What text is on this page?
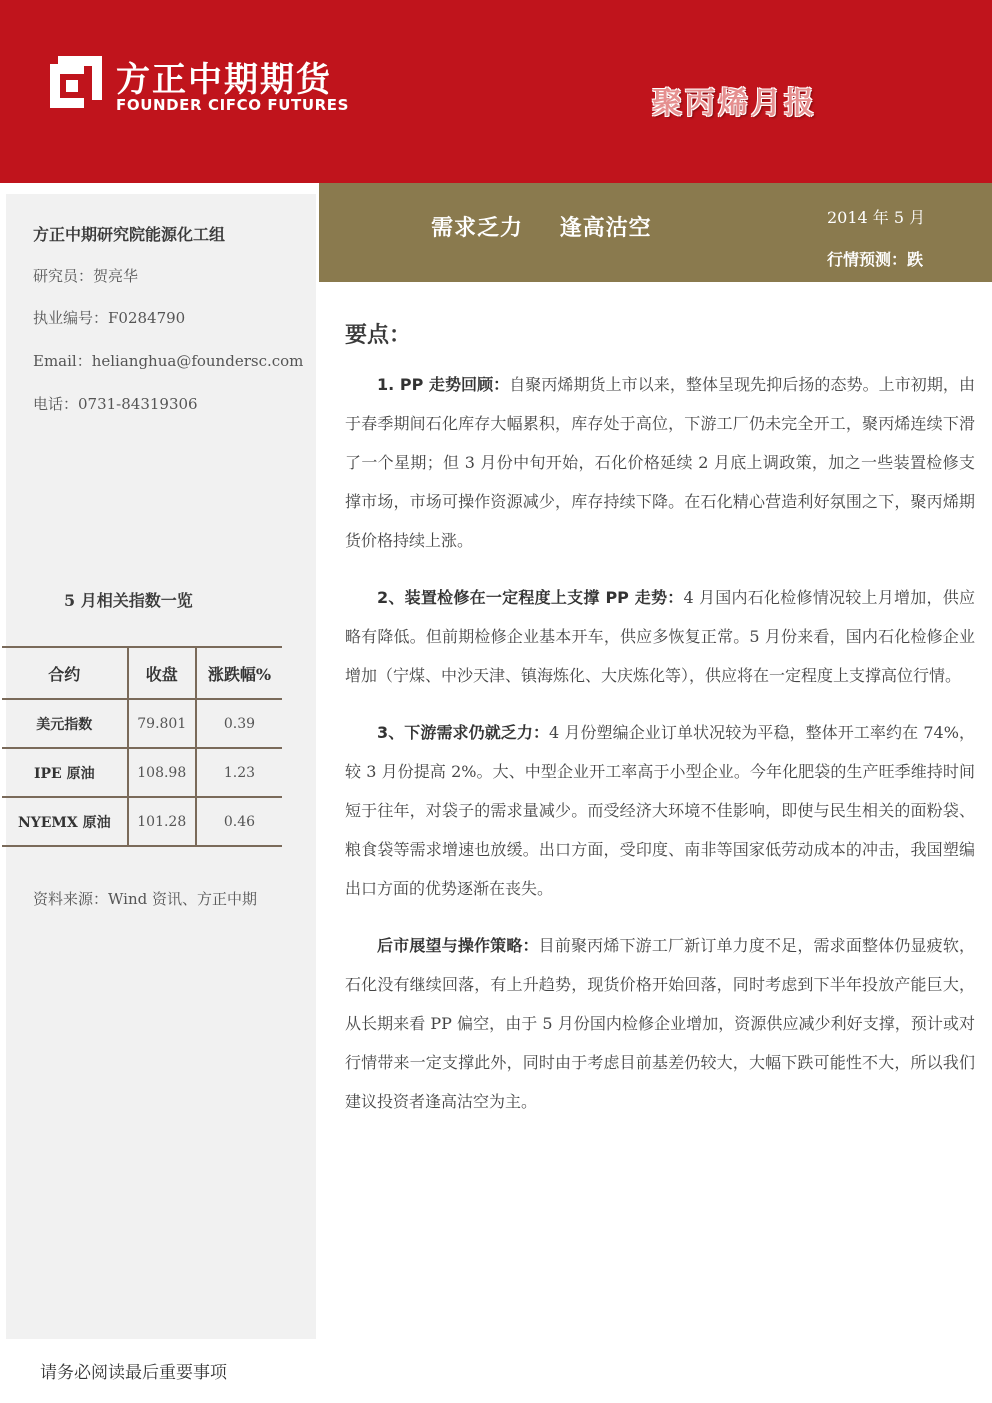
方正中期期货
FOUNDER CIFCO FUTURES	聚丙烯月报
需求乏力 逢高沽空	2014 年 5 月
行情预测：跌
方正中期研究院能源化工组
研究员：贺亮华
执业编号：F0284790
Email：helianghua@foundersc.com
电话：0731-84319306
5 月相关指数一览
合约	收盘	涨跌幅%
美元指数	79.801	0.39
IPE 原油	108.98	1.23
NYEMX 原油	101.28	0.46
资料来源：Wind 资讯、方正中期
要点：

1. PP 走势回顾：自聚丙烯期货上市以来，整体呈现先抑后扬的态势。上市初期，由于春季期间石化库存大幅累积，库存处于高位，下游工厂仍未完全开工，聚丙烯连续下滑了一个星期；但 3 月份中旬开始，石化价格延续 2 月底上调政策，加之一些装置检修支撑市场，市场可操作资源减少，库存持续下降。在石化精心营造利好氛围之下，聚丙烯期货价格持续上涨。

2、装置检修在一定程度上支撑 PP 走势：4 月国内石化检修情况较上月增加，供应略有降低。但前期检修企业基本开车，供应多恢复正常。5 月份来看，国内石化检修企业增加（宁煤、中沙天津、镇海炼化、大庆炼化等），供应将在一定程度上支撑高位行情。

3、下游需求仍就乏力：4 月份塑编企业订单状况较为平稳，整体开工率约在 74%，较 3 月份提高 2%。大、中型企业开工率高于小型企业。今年化肥袋的生产旺季维持时间短于往年，对袋子的需求量减少。而受经济大环境不佳影响，即使与民生相关的面粉袋、粮食袋等需求增速也放缓。出口方面，受印度、南非等国家低劳动成本的冲击，我国塑编出口方面的优势逐渐在丧失。

后市展望与操作策略：目前聚丙烯下游工厂新订单力度不足，需求面整体仍显疲软，石化没有继续回落，有上升趋势，现货价格开始回落，同时考虑到下半年投放产能巨大，从长期来看 PP 偏空，由于 5 月份国内检修企业增加，资源供应减少利好支撑，预计或对行情带来一定支撑此外，同时由于考虑目前基差仍较大，大幅下跌可能性不大，所以我们建议投资者逢高沽空为主。

请务必阅读最后重要事项
